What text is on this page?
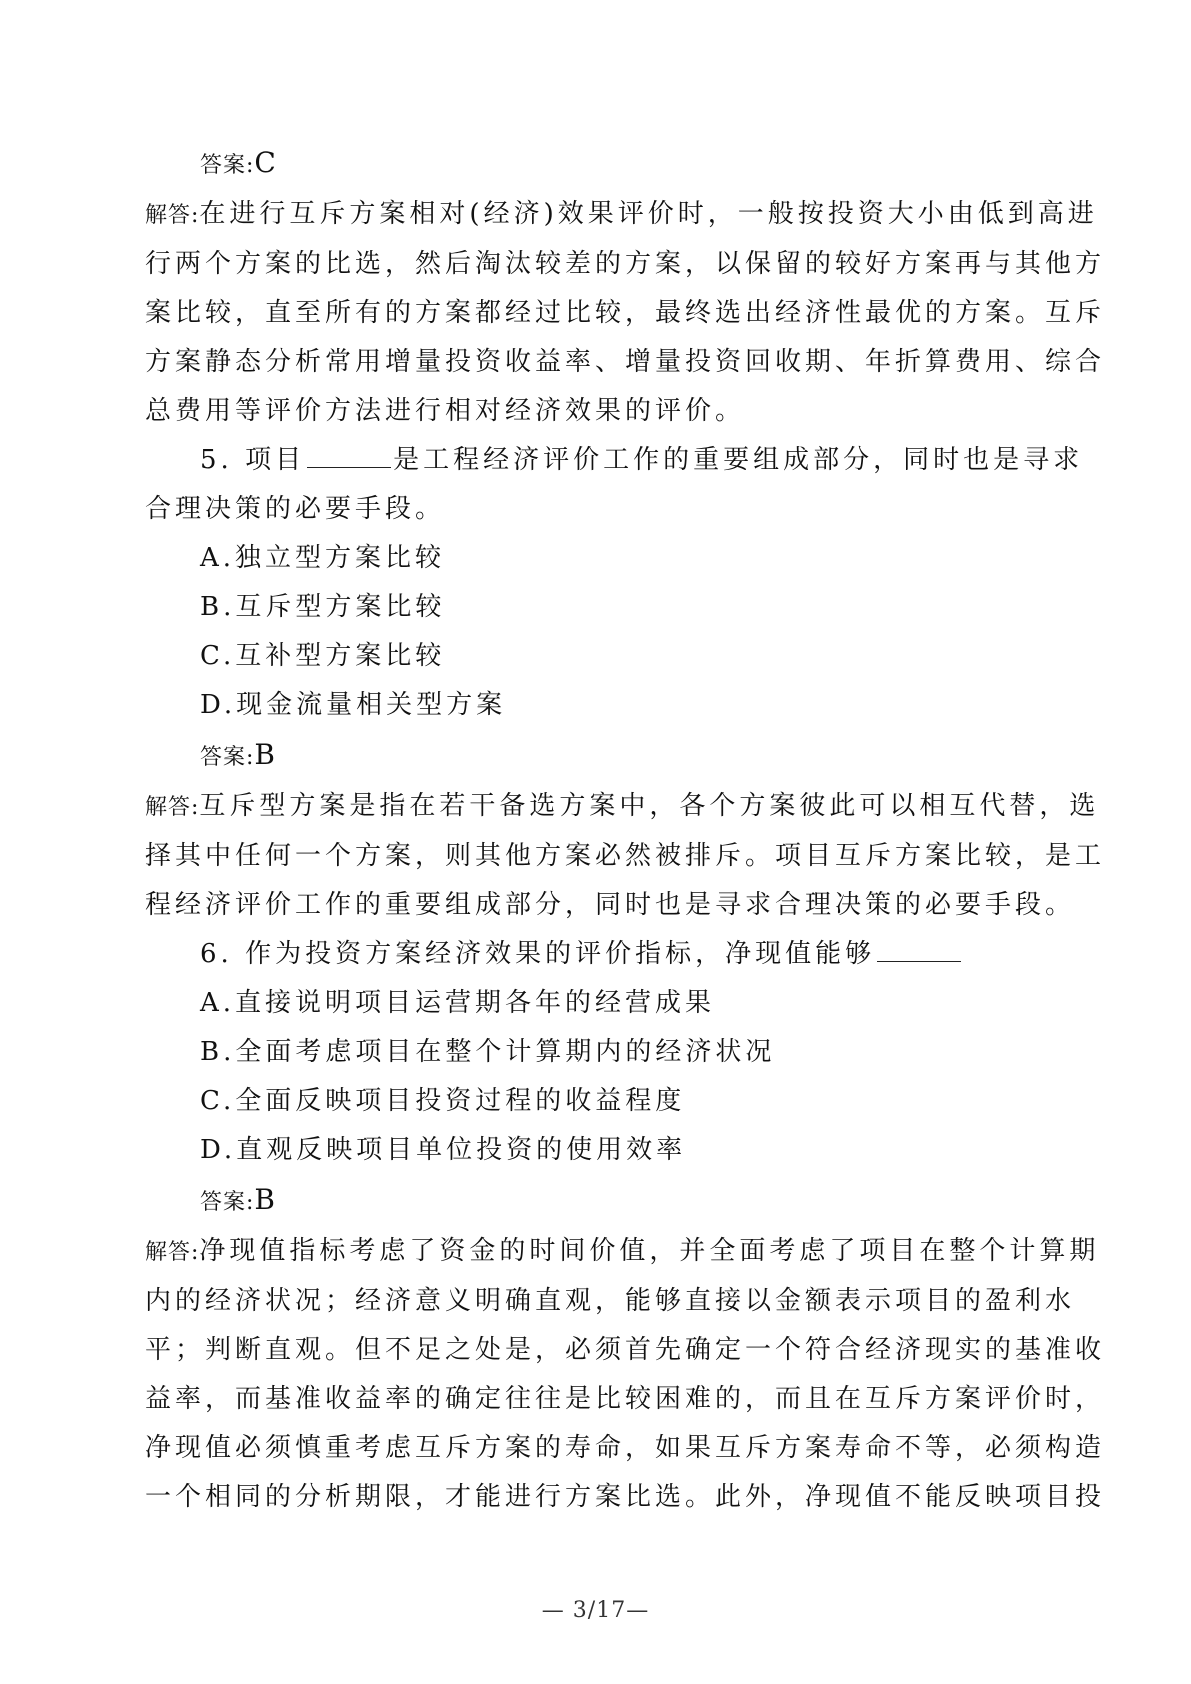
答案:C
解答:在进行互斥方案相对(经济)效果评价时，一般按投资大小由低到高进
行两个方案的比选，然后淘汰较差的方案，以保留的较好方案再与其他方
案比较，直至所有的方案都经过比较，最终选出经济性最优的方案。互斥
方案静态分析常用增量投资收益率、增量投资回收期、年折算费用、综合
总费用等评价方法进行相对经济效果的评价。
5. 项目	是工程经济评价工作的重要组成部分，同时也是寻求
合理决策的必要手段。
A.独立型方案比较
B.互斥型方案比较
C.互补型方案比较
D.现金流量相关型方案
答案:B
解答:互斥型方案是指在若干备选方案中，各个方案彼此可以相互代替，选
择其中任何一个方案，则其他方案必然被排斥。项目互斥方案比较，是工
程经济评价工作的重要组成部分，同时也是寻求合理决策的必要手段。
6. 作为投资方案经济效果的评价指标，净现值能够
A.直接说明项目运营期各年的经营成果
B.全面考虑项目在整个计算期内的经济状况
C.全面反映项目投资过程的收益程度
D.直观反映项目单位投资的使用效率
答案:B
解答:净现值指标考虑了资金的时间价值，并全面考虑了项目在整个计算期
内的经济状况；经济意义明确直观，能够直接以金额表示项目的盈利水
平；判断直观。但不足之处是，必须首先确定一个符合经济现实的基准收
益率，而基准收益率的确定往往是比较困难的，而且在互斥方案评价时，
净现值必须慎重考虑互斥方案的寿命，如果互斥方案寿命不等，必须构造
一个相同的分析期限，才能进行方案比选。此外，净现值不能反映项目投
— 3/17—
